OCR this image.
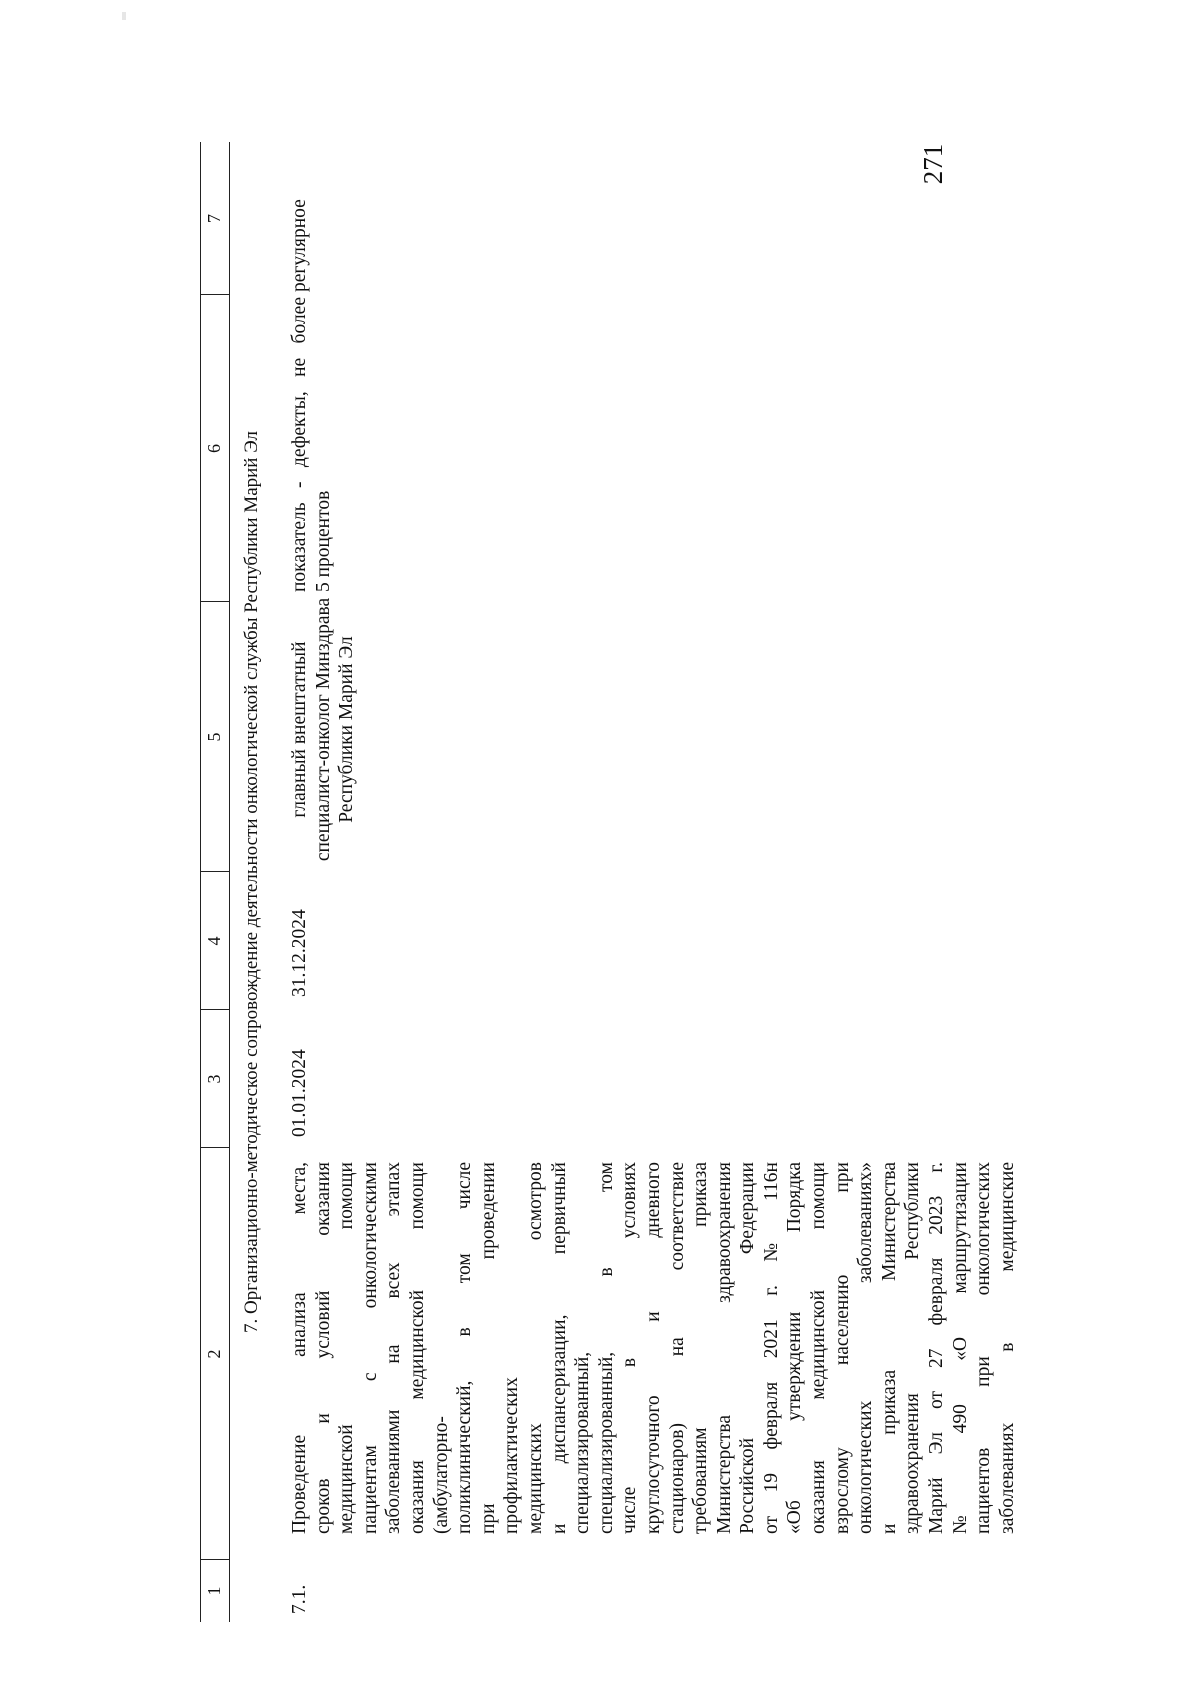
271
1
2
3
4
5
6
7
7. Организационно-методическое сопровождение деятельности онкологической службы Республики Марий Эл
7.1.
Проведение анализа места, сроков и условий оказания медицинской помощи пациентам с онкологическими заболеваниями на всех этапах оказания медицинской помощи (амбулаторно- поликлинический, в том числе при проведении профилактических медицинских осмотров и диспансеризации, первичный специализированный, специализированный, в том числе в условиях круглосуточного и дневного стационаров) на соответствие требованиям приказа Министерства здравоохранения Российской Федерации от 19 февраля 2021 г. № 116н «Об утверждении Порядка оказания медицинской помощи взрослому населению при онкологических заболеваниях» и приказа Министерства здравоохранения Республики Марий Эл от 27 февраля 2023 г. № 490 «О маршрутизации пациентов при онкологических заболеваниях в медицинские
01.01.2024
31.12.2024
главный внештатный специалист-онколог Минздрава Республики Марий Эл
показатель - дефекты, не более 5 процентов
регулярное
